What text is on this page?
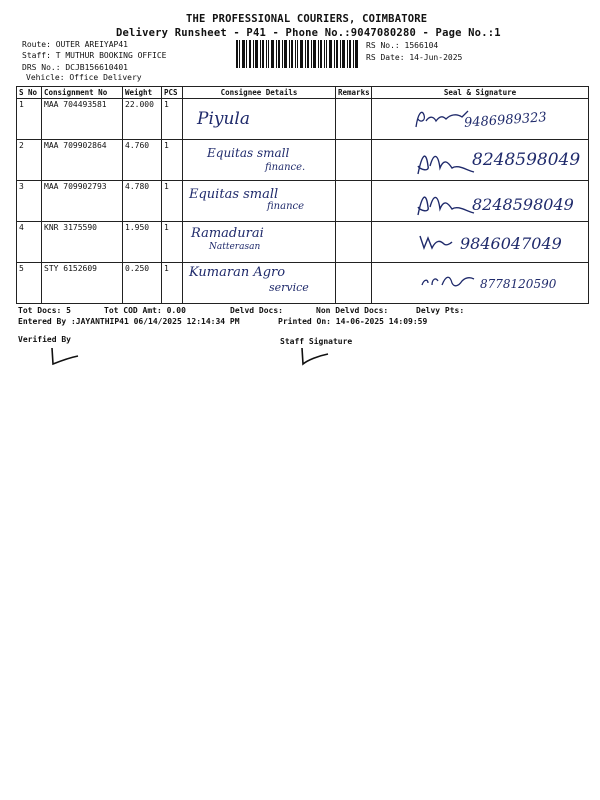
THE PROFESSIONAL COURIERS, COIMBATORE
Delivery Runsheet - P41 - Phone No.:9047080280 - Page No.:1
Route: OUTER AREIYAP41
Staff: T MUTHUR BOOKING OFFICE
DRS No.: DCJB156610401
Vehicle: Office Delivery
RS No.: 1566104
RS Date: 14-Jun-2025
S No	Consignment No	Weight	PCS	Consignee Details	Remarks	Seal & Signature
1	MAA 704493581	22.000	1	Piyula		9486989323

2	MAA 709902864	4.760	1	Equitas small
finance.		8248598049

3	MAA 709902793	4.780	1	Equitas small
finance		8248598049

4	KNR 3175590	1.950	1	Ramadurai
Natterasan		9846047049

5	STY 6152609	0.250	1	Kumaran Agro
service		8778120590
Tot Docs: 5	Tot COD Amt: 0.00	Delvd Docs:	Non Delvd Docs:	Delvy Pts:
Entered By :JAYANTHIP41 06/14/2025 12:14:34 PM	Printed On: 14-06-2025 14:09:59
Verified By	Staff Signature
